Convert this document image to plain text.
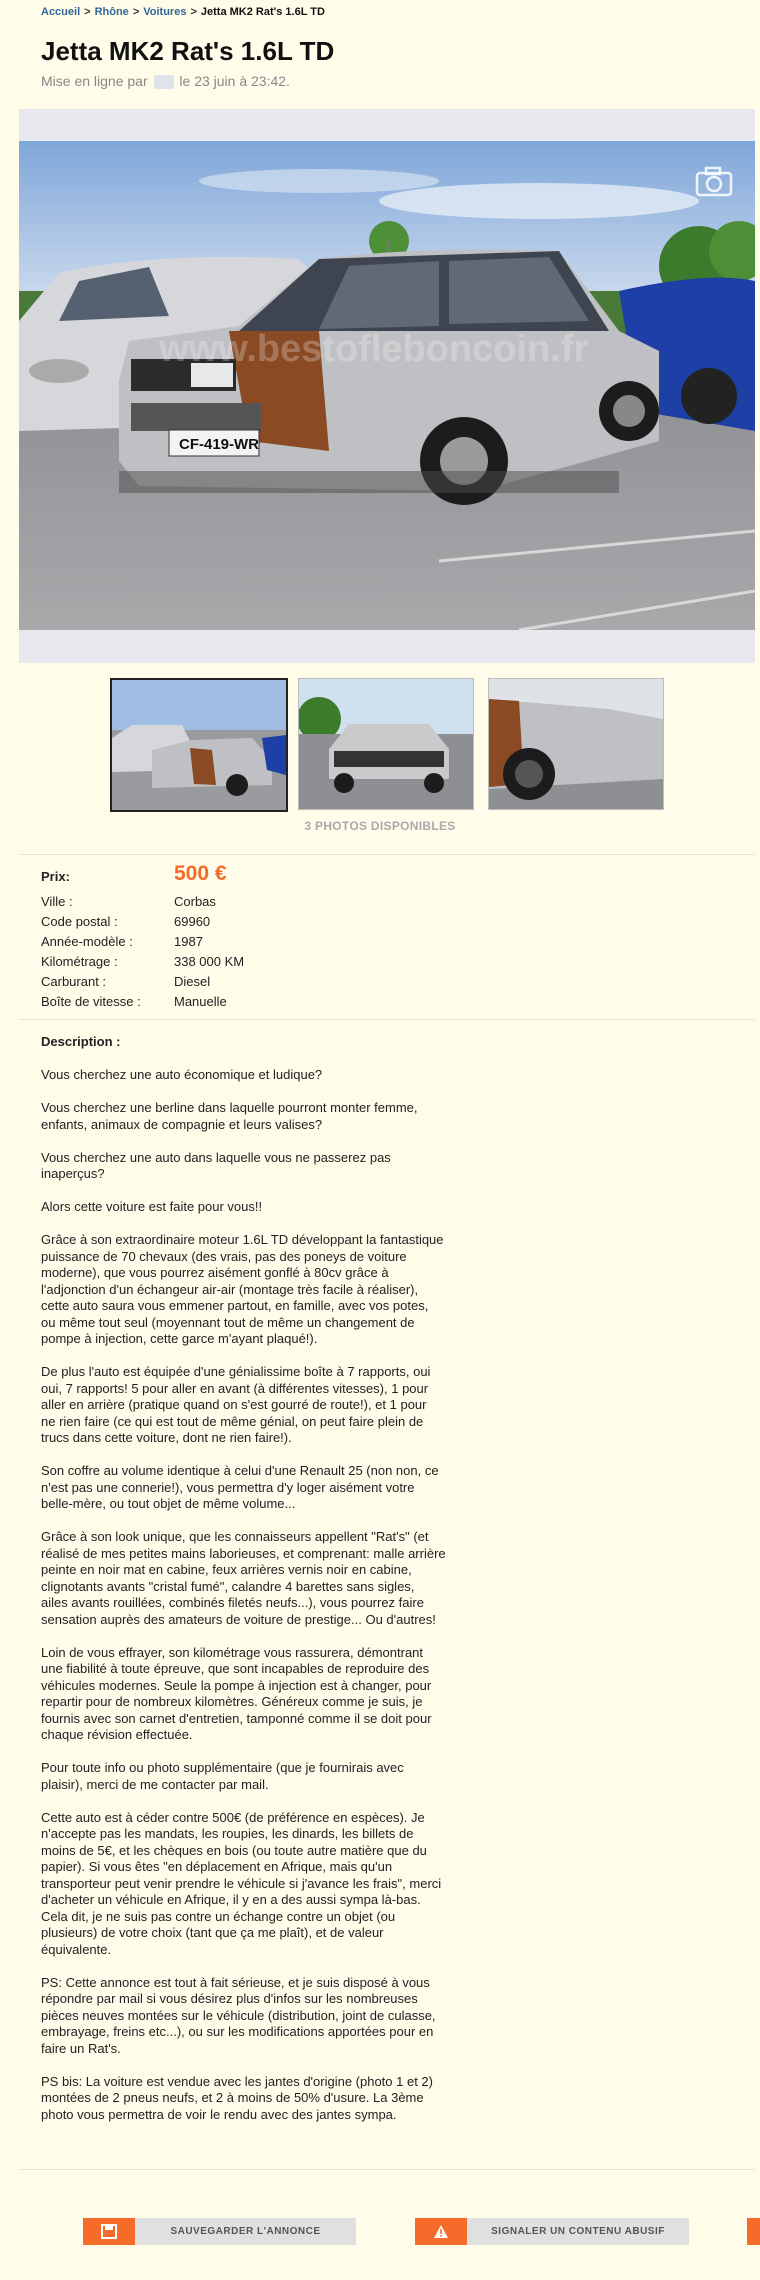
Accueil > Rhône > Voitures > Jetta MK2 Rat's 1.6L TD
Jetta MK2 Rat's 1.6L TD
Mise en ligne par le 23 juin à 23:42.
CF-419-WR
www.bestofleboncoin.fr
3 PHOTOS DISPONIBLES
Prix:	500 €
Ville :	Corbas
Code postal :	69960
Année-modèle :	1987
Kilométrage :	338 000 KM
Carburant :	Diesel
Boîte de vitesse :	Manuelle
Description :

Vous cherchez une auto économique et ludique?

Vous cherchez une berline dans laquelle pourront monter femme,
enfants, animaux de compagnie et leurs valises?

Vous cherchez une auto dans laquelle vous ne passerez pas
inaperçus?

Alors cette voiture est faite pour vous!!

Grâce à son extraordinaire moteur 1.6L TD développant la fantastique
puissance de 70 chevaux (des vrais, pas des poneys de voiture
moderne), que vous pourrez aisément gonflé à 80cv grâce à
l'adjonction d'un échangeur air-air (montage très facile à réaliser),
cette auto saura vous emmener partout, en famille, avec vos potes,
ou même tout seul (moyennant tout de même un changement de
pompe à injection, cette garce m'ayant plaqué!).

De plus l'auto est équipée d'une génialissime boîte à 7 rapports, oui
oui, 7 rapports! 5 pour aller en avant (à différentes vitesses), 1 pour
aller en arrière (pratique quand on s'est gourré de route!), et 1 pour
ne rien faire (ce qui est tout de même génial, on peut faire plein de
trucs dans cette voiture, dont ne rien faire!).

Son coffre au volume identique à celui d'une Renault 25 (non non, ce
n'est pas une connerie!), vous permettra d'y loger aisément votre
belle-mère, ou tout objet de même volume...

Grâce à son look unique, que les connaisseurs appellent "Rat's" (et
réalisé de mes petites mains laborieuses, et comprenant: malle arrière
peinte en noir mat en cabine, feux arrières vernis noir en cabine,
clignotants avants "cristal fumé", calandre 4 barettes sans sigles,
ailes avants rouillées, combinés filetés neufs...), vous pourrez faire
sensation auprès des amateurs de voiture de prestige... Ou d'autres!

Loin de vous effrayer, son kilométrage vous rassurera, démontrant
une fiabilité à toute épreuve, que sont incapables de reproduire des
véhicules modernes. Seule la pompe à injection est à changer, pour
repartir pour de nombreux kilomètres. Généreux comme je suis, je
fournis avec son carnet d'entretien, tamponné comme il se doit pour
chaque révision effectuée.

Pour toute info ou photo supplémentaire (que je fournirais avec
plaisir), merci de me contacter par mail.

Cette auto est à céder contre 500€ (de préférence en espèces). Je
n'accepte pas les mandats, les roupies, les dinards, les billets de
moins de 5€, et les chèques en bois (ou toute autre matière que du
papier). Si vous êtes "en déplacement en Afrique, mais qu'un
transporteur peut venir prendre le véhicule si j'avance les frais", merci
d'acheter un véhicule en Afrique, il y en a des aussi sympa là-bas.
Cela dit, je ne suis pas contre un échange contre un objet (ou
plusieurs) de votre choix (tant que ça me plaît), et de valeur
équivalente.

PS: Cette annonce est tout à fait sérieuse, et je suis disposé à vous
répondre par mail si vous désirez plus d'infos sur les nombreuses
pièces neuves montées sur le véhicule (distribution, joint de culasse,
embrayage, freins etc...), ou sur les modifications apportées pour en
faire un Rat's.

PS bis: La voiture est vendue avec les jantes d'origine (photo 1 et 2)
montées de 2 pneus neufs, et 2 à moins de 50% d'usure. La 3ème
photo vous permettra de voir le rendu avec des jantes sympa.

SAUVEGARDER L'ANNONCE	SIGNALER UN CONTENU ABUSIF
